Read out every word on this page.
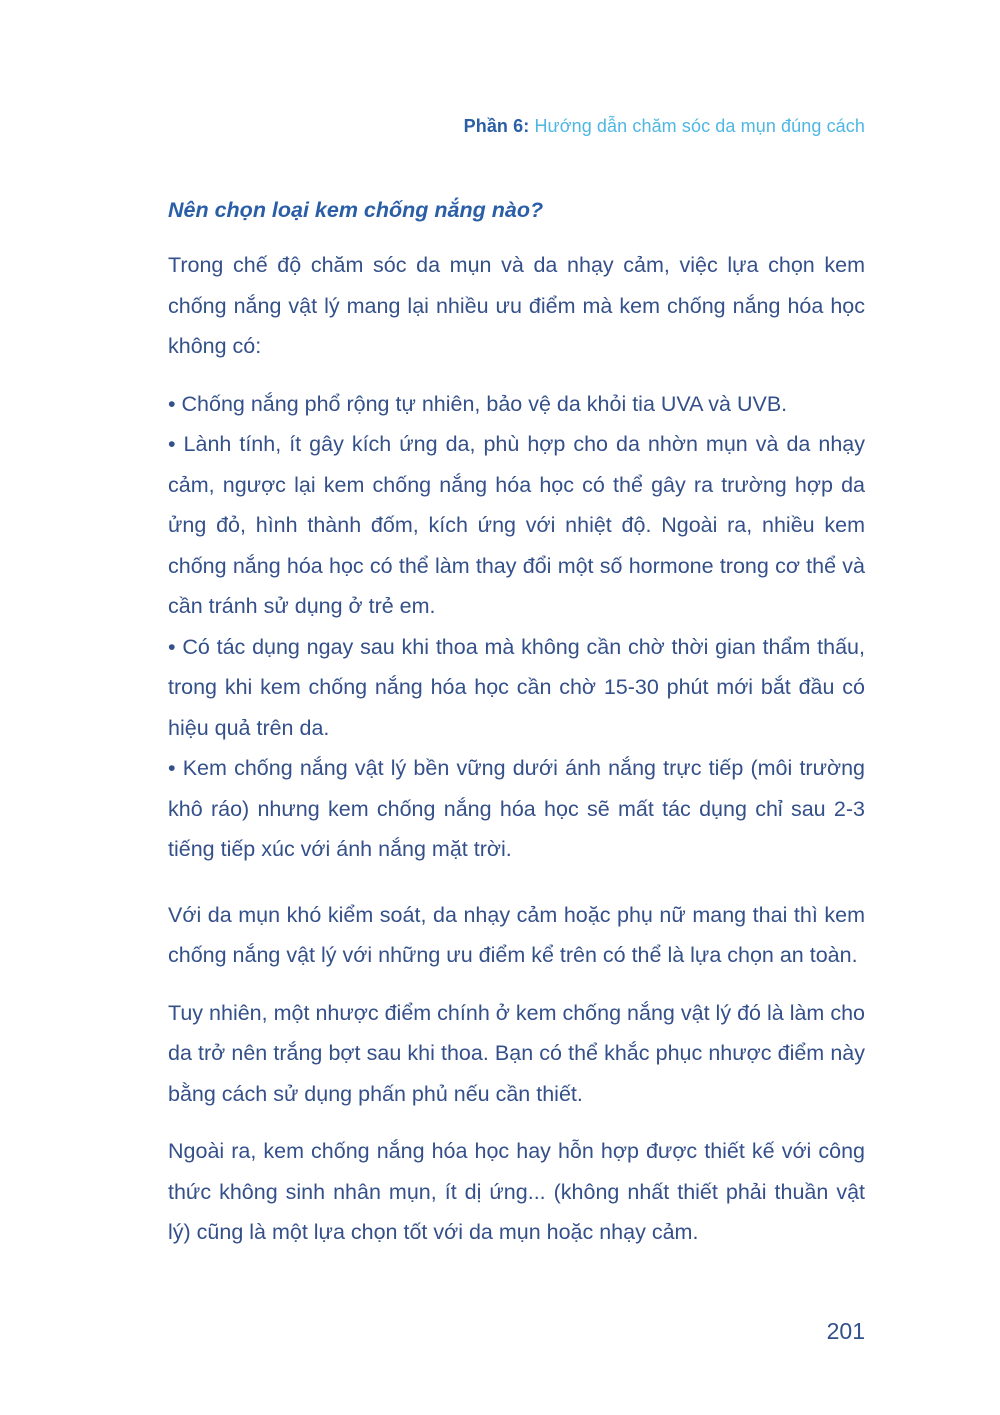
Phần 6: Hướng dẫn chăm sóc da mụn đúng cách
Nên chọn loại kem chống nắng nào?

Trong chế độ chăm sóc da mụn và da nhạy cảm, việc lựa chọn kem chống nắng vật lý mang lại nhiều ưu điểm mà kem chống nắng hóa học không có:

• Chống nắng phổ rộng tự nhiên, bảo vệ da khỏi tia UVA và UVB.
• Lành tính, ít gây kích ứng da, phù hợp cho da nhờn mụn và da nhạy cảm, ngược lại kem chống nắng hóa học có thể gây ra trường hợp da ửng đỏ, hình thành đốm, kích ứng với nhiệt độ. Ngoài ra, nhiều kem chống nắng hóa học có thể làm thay đổi một số hormone trong cơ thể và cần tránh sử dụng ở trẻ em.
• Có tác dụng ngay sau khi thoa mà không cần chờ thời gian thẩm thấu, trong khi kem chống nắng hóa học cần chờ 15-30 phút mới bắt đầu có hiệu quả trên da.
• Kem chống nắng vật lý bền vững dưới ánh nắng trực tiếp (môi trường khô ráo) nhưng kem chống nắng hóa học sẽ mất tác dụng chỉ sau 2-3 tiếng tiếp xúc với ánh nắng mặt trời.

Với da mụn khó kiểm soát, da nhạy cảm hoặc phụ nữ mang thai thì kem chống nắng vật lý với những ưu điểm kể trên có thể là lựa chọn an toàn.

Tuy nhiên, một nhược điểm chính ở kem chống nắng vật lý đó là làm cho da trở nên trắng bợt sau khi thoa. Bạn có thể khắc phục nhược điểm này bằng cách sử dụng phấn phủ nếu cần thiết.

Ngoài ra, kem chống nắng hóa học hay hỗn hợp được thiết kế với công thức không sinh nhân mụn, ít dị ứng... (không nhất thiết phải thuần vật lý) cũng là một lựa chọn tốt với da mụn hoặc nhạy cảm.

201
